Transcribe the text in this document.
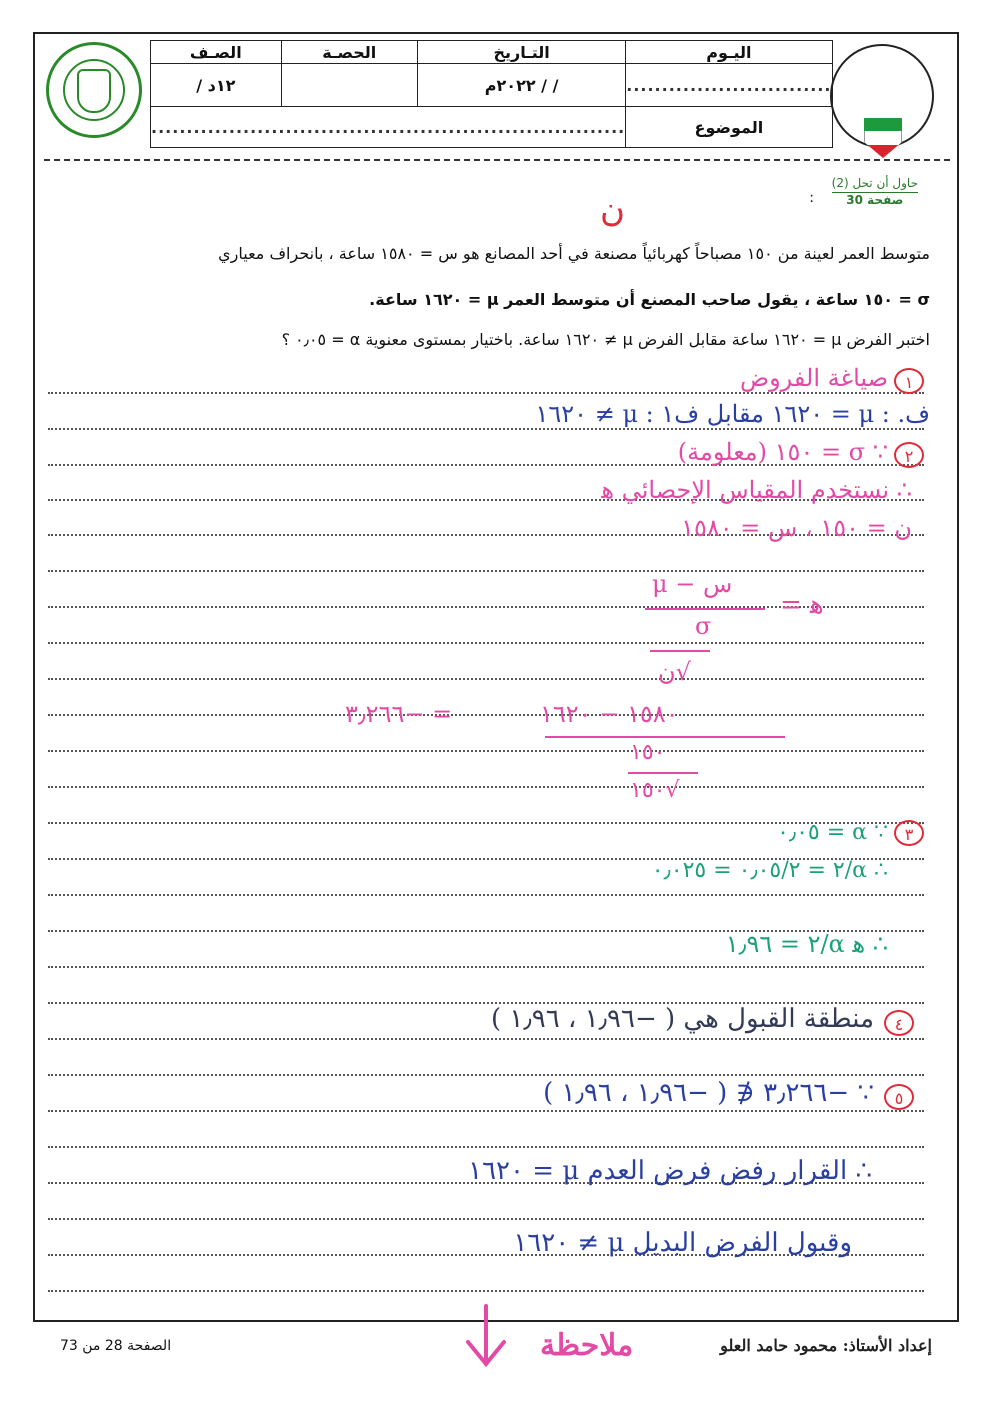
اليـوم	التـاريخ	الحصـة	الصـف
.............................	/ / ٢٠٢٢م		١٢د /
الموضوع	...................................................................		
حاول أن تحل (2)
صفحة 30
:
ن
متوسط العمر لعينة من ١٥٠ مصباحاً كهربائياً مصنعة في أحد المصانع هو س = ١٥٨٠ ساعة ، بانحراف معياري
σ = ١٥٠ ساعة ، يقول صاحب المصنع أن متوسط العمر μ = ١٦٢٠ ساعة.
اختبر الفرض μ = ١٦٢٠ ساعة مقابل الفرض μ ≠ ١٦٢٠ ساعة. باختيار بمستوى معنوية α = ٠٫٠٥ ؟
١
صياغة الفروض
ف. : μ = ١٦٢٠ مقابل ف١ : μ ≠ ١٦٢٠
٢
∵ σ = ١٥٠ (معلومة)
∴ نستخدم المقياس الإحصائي ﻫ
ن = ١٥٠ ، س = ١٥٨٠
ﻫ =
س − μ
σ
√ن
١٥٨٠ − ١٦٢٠
= −٣٫٢٦٦
١٥٠
√١٥٠
٣
∵ α = ٠٫٠٥
∴ α/٢ = ٠٫٠٥/٢ = ٠٫٠٢٥
∴ ﻫ α/٢ = ١٫٩٦
٤
منطقة القبول هي ( −١٫٩٦ ، ١٫٩٦ )
٥
∵ −٣٫٢٦٦ ∉ ( −١٫٩٦ ، ١٫٩٦ )
∴ القرار رفض فرض العدم μ = ١٦٢٠
وقبول الفرض البديل μ ≠ ١٦٢٠
الصفحة 28 من 73	إعداد الأستاذ: محمود حامد العلو
ملاحظة
